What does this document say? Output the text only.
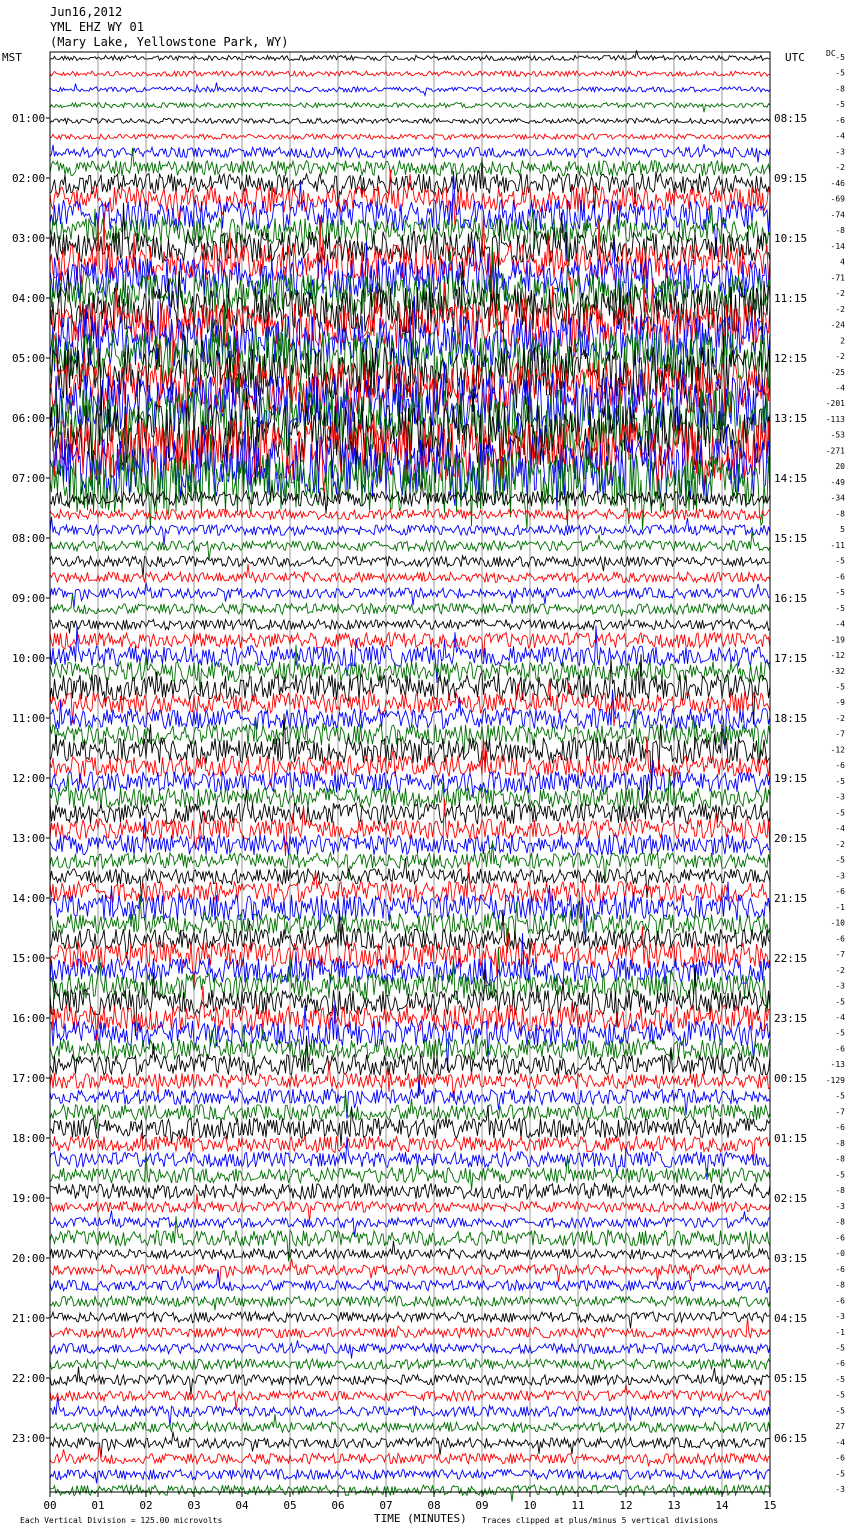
Jun16,2012
YML EHZ WY 01
(Mary Lake, Yellowstone Park, WY)
MST	UTC	DC
01:00
02:00
03:00
04:00
05:00
06:00
07:00
08:00
09:00
10:00
11:00
12:00
13:00
14:00
15:00
16:00
17:00
18:00
19:00
20:00
21:00
22:00
23:00
08:15
09:15
10:15
11:15
12:15
13:15
14:15
15:15
16:15
17:15
18:15
19:15
20:15
21:15
22:15
23:15
00:15
01:15
02:15
03:15
04:15
05:15
06:15
-5
-5
-8
-5
-6
-4
-3
-2
-46
-69
-74
-8
-14
4
-71
-2
-2
-24
2
-2
-25
-4
-201
-113
-53
-271
20
-49
-34
-8
5
-11
-5
-6
-5
-5
-4
-19
-12
-32
-5
-9
-2
-7
-12
-6
-5
-3
-5
-4
-2
-5
-3
-6
-1
-10
-6
-7
-2
-3
-5
-4
-5
-6
-13
-129
-5
-7
-6
-8
-8
-5
-8
-3
-8
-6
-0
-6
-8
-6
-3
-1
-5
-6
-5
-5
-5
27
-4
-6
-5
-3
00	01	02	03	04	05	06	07	08	09	10	11	12	13	14	15
TIME (MINUTES)
Each Vertical Division = 125.00 microvolts	Traces clipped at plus/minus 5 vertical divisions
